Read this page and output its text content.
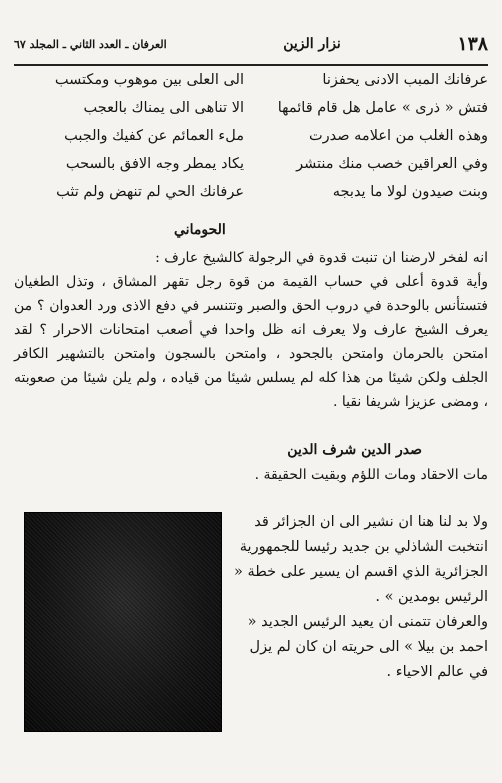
١٣٨
نزار الزين
العرفان ـ العدد الثاني ـ المجلد ٦٧
عرفانك المبب الادنى يحفزنا
فتش « ذرى » عامل هل قام قائمها
وهذه الغلب من اعلامه صدرت
وفي العراقين خصب منك منتشر
وبنت صيدون لولا ما يدبجه
الى العلى بين موهوب ومكتسب
الا تناهى الى يمناك بالعجب
ملء العمائم عن كفيك والجبب
يكاد يمطر وجه الافق بالسحب
عرفانك الحي لم تنهض ولم تثب
الحوماني

انه لفخر لارضنا ان تنبت قدوة في الرجولة كالشيخ عارف :

وأية قدوة أعلى في حساب القيمة من قوة رجل تقهر المشاق ، وتذل الطغيان فتستأنس بالوحدة في دروب الحق والصبر وتتنسر في دفع الاذى ورد العدوان ؟ من يعرف الشيخ عارف ولا يعرف انه ظل واحدا في أصعب امتحانات الاحرار ؟ لقد امتحن بالحرمان وامتحن بالجحود ، وامتحن بالسجون وامتحن بالتشهير الكافر الجلف ولكن شيئا من هذا كله لم يسلس شيئا من قياده ، ولم يلن شيئا من صعوبته ، ومضى عزيزا شريفا نقيا .

صدر الدين شرف الدين
مات الاحقاد ومات اللؤم وبقيت الحقيقة .

ولا بد لنا هنا ان نشير الى ان الجزائر قد انتخبت الشاذلي بن جديد رئيسا للجمهورية الجزائرية الذي اقسم ان يسير على خطة « الرئيس بومدين » .

والعرفان تتمنى ان يعيد الرئيس الجديد « احمد بن بيلا » الى حريته ان كان لم يزل في عالم الاحياء .
